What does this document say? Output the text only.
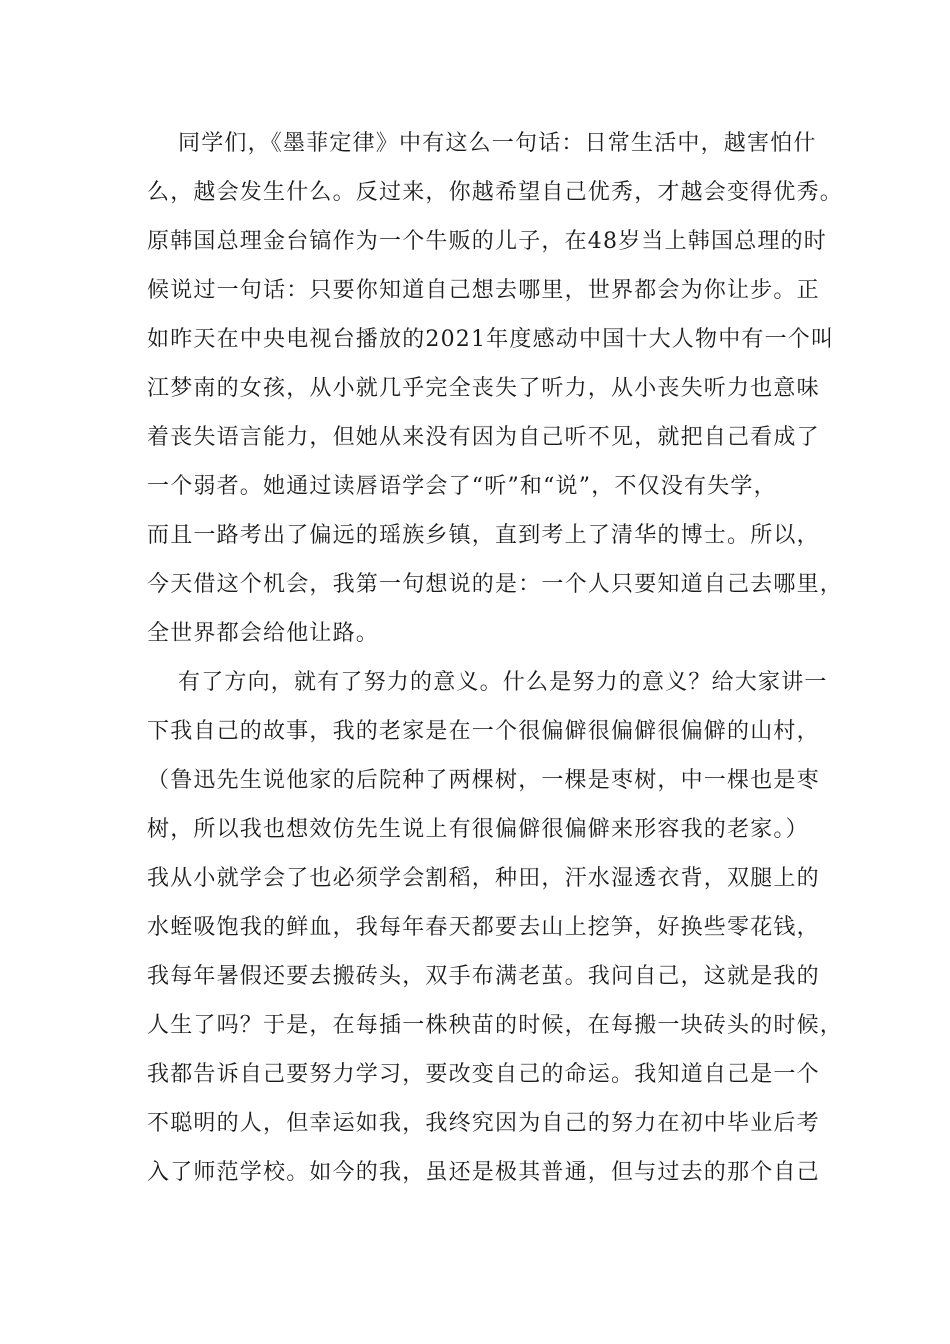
同学们，《墨菲定律》中有这么一句话：日常生活中，越害怕什
么，越会发生什么。反过来，你越希望自己优秀，才越会变得优秀。
原韩国总理金台镐作为一个牛贩的儿子，在48岁当上韩国总理的时
候说过一句话：只要你知道自己想去哪里，世界都会为你让步。正
如昨天在中央电视台播放的2021年度感动中国十大人物中有一个叫
江梦南的女孩，从小就几乎完全丧失了听力，从小丧失听力也意味
着丧失语言能力，但她从来没有因为自己听不见，就把自己看成了
一个弱者。她通过读唇语学会了“听”和“说”，不仅没有失学，
而且一路考出了偏远的瑶族乡镇，直到考上了清华的博士。所以，
今天借这个机会，我第一句想说的是：一个人只要知道自己去哪里，
全世界都会给他让路。
有了方向，就有了努力的意义。什么是努力的意义？给大家讲一
下我自己的故事，我的老家是在一个很偏僻很偏僻很偏僻的山村，
（鲁迅先生说他家的后院种了两棵树，一棵是枣树，中一棵也是枣
树，所以我也想效仿先生说上有很偏僻很偏僻来形容我的老家。）
我从小就学会了也必须学会割稻，种田，汗水湿透衣背，双腿上的
水蛭吸饱我的鲜血，我每年春天都要去山上挖笋，好换些零花钱，
我每年暑假还要去搬砖头，双手布满老茧。我问自己，这就是我的
人生了吗？于是，在每插一株秧苗的时候，在每搬一块砖头的时候，
我都告诉自己要努力学习，要改变自己的命运。我知道自己是一个
不聪明的人，但幸运如我，我终究因为自己的努力在初中毕业后考
入了师范学校。如今的我，虽还是极其普通，但与过去的那个自己
